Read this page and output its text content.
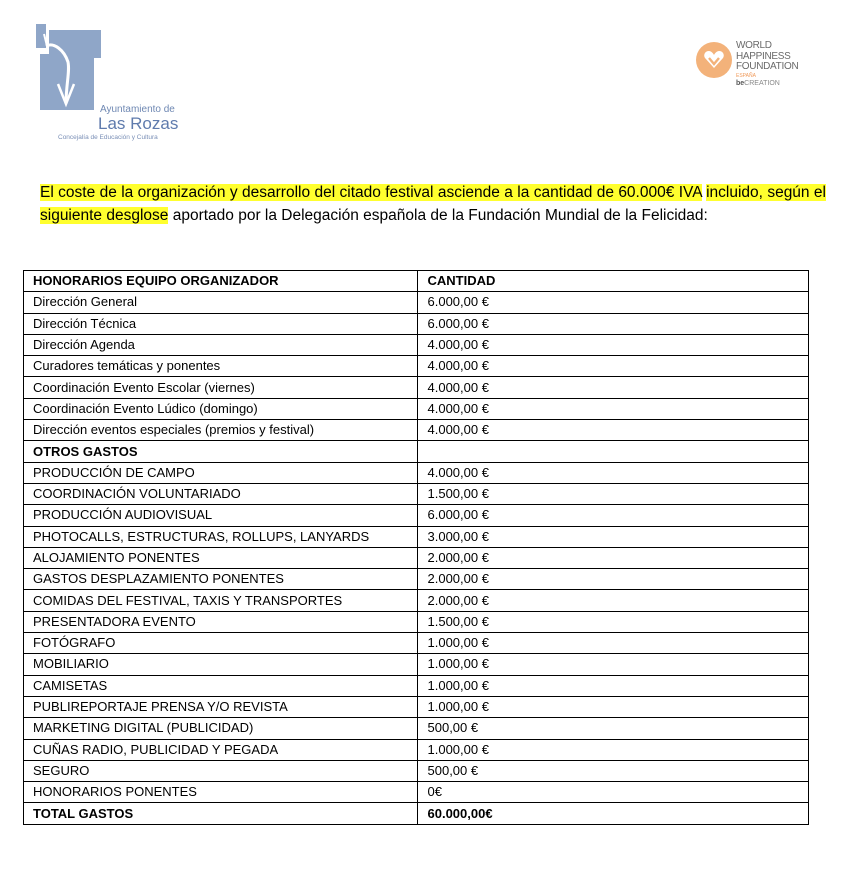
Ayuntamiento de
Las Rozas
Concejalía de Educación y Cultura
WORLD
HAPPINESS
FOUNDATION
ESPAÑA
beCREATION

El coste de la organización y desarrollo del citado festival asciende a la cantidad de 60.000€ IVA incluido, según el siguiente desglose aportado por la Delegación española de la Fundación Mundial de la Felicidad:

HONORARIOS EQUIPO ORGANIZADOR	CANTIDAD
Dirección General	6.000,00 €
Dirección Técnica	6.000,00 €
Dirección Agenda	4.000,00 €
Curadores temáticas y ponentes	4.000,00 €
Coordinación Evento Escolar (viernes)	4.000,00 €
Coordinación Evento Lúdico (domingo)	4.000,00 €
Dirección eventos especiales (premios y festival)	4.000,00 €
OTROS GASTOS	
PRODUCCIÓN DE CAMPO	4.000,00 €
COORDINACIÓN VOLUNTARIADO	1.500,00 €
PRODUCCIÓN AUDIOVISUAL	6.000,00 €
PHOTOCALLS, ESTRUCTURAS, ROLLUPS, LANYARDS	3.000,00 €
ALOJAMIENTO PONENTES	2.000,00 €
GASTOS DESPLAZAMIENTO PONENTES	2.000,00 €
COMIDAS DEL FESTIVAL, TAXIS Y TRANSPORTES	2.000,00 €
PRESENTADORA EVENTO	1.500,00 €
FOTÓGRAFO	1.000,00 €
MOBILIARIO	1.000,00 €
CAMISETAS	1.000,00 €
PUBLIREPORTAJE PRENSA Y/O REVISTA	1.000,00 €
MARKETING DIGITAL (PUBLICIDAD)	500,00 €
CUÑAS RADIO, PUBLICIDAD Y PEGADA	1.000,00 €
SEGURO	500,00 €
HONORARIOS PONENTES	0€
TOTAL GASTOS	60.000,00€
